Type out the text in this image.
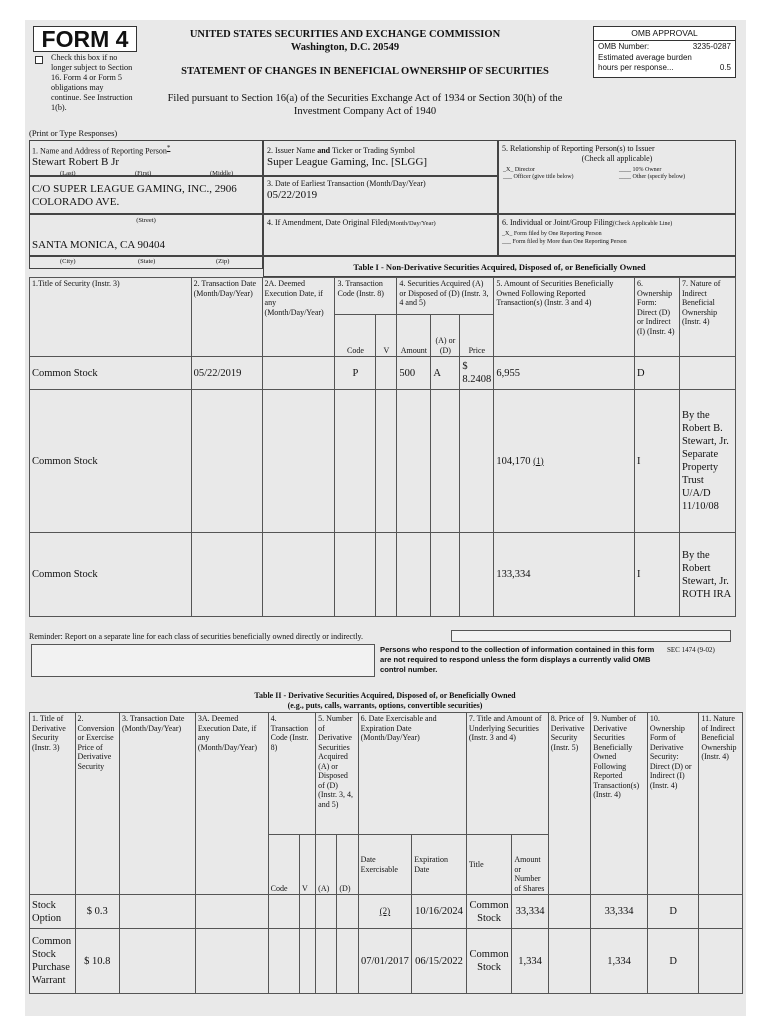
FORM 4
Check this box if no longer subject to Section 16. Form 4 or Form 5 obligations may continue. See Instruction 1(b).
UNITED STATES SECURITIES AND EXCHANGE COMMISSION
Washington, D.C. 20549
STATEMENT OF CHANGES IN BENEFICIAL OWNERSHIP OF SECURITIES
Filed pursuant to Section 16(a) of the Securities Exchange Act of 1934 or Section 30(h) of the
Investment Company Act of 1940
OMB APPROVAL
OMB Number:	3235-0287
Estimated average burden
hours per response...	0.5
(Print or Type Responses)
1. Name and Address of Reporting Person*
Stewart Robert B Jr
(Last)	(First)	(Middle)
C/O SUPER LEAGUE GAMING, INC., 2906
COLORADO AVE.
(Street)
SANTA MONICA, CA 90404
(City)	(State)	(Zip)
2. Issuer Name and Ticker or Trading Symbol
Super League Gaming, Inc. [SLGG]
3. Date of Earliest Transaction (Month/Day/Year)
05/22/2019
4. If Amendment, Date Original Filed(Month/Day/Year)
5. Relationship of Reporting Person(s) to Issuer
(Check all applicable)
_X_ Director	____ 10% Owner
___ Officer (give title below)	____ Other (specify below)
6. Individual or Joint/Group Filing(Check Applicable Line)
_X_ Form filed by One Reporting Person
___ Form filed by More than One Reporting Person
Table I - Non-Derivative Securities Acquired, Disposed of, or Beneficially Owned
1.Title of Security (Instr. 3)	2. Transaction Date (Month/Day/Year)	2A. Deemed Execution Date, if any (Month/Day/Year)	3. Transaction Code (Instr. 8)		4. Securities Acquired (A) or Disposed of (D) (Instr. 3, 4 and 5)			5. Amount of Securities Beneficially Owned Following Reported Transaction(s) (Instr. 3 and 4)	6. Ownership Form: Direct (D) or Indirect (I) (Instr. 4)	7. Nature of Indirect Beneficial Ownership (Instr. 4)
			Code	V	Amount	(A) or (D)	Price			
Common Stock	05/22/2019		P		500	A	$ 8.2408	6,955	D	
Common Stock								104,170 (1)	I	By the Robert B. Stewart, Jr. Separate Property Trust U/A/D 11/10/08
Common Stock								133,334	I	By the Robert Stewart, Jr. ROTH IRA
Reminder: Report on a separate line for each class of securities beneficially owned directly or indirectly.
Persons who respond to the collection of information contained in this form are not required to respond unless the form displays a currently valid OMB control number.
SEC 1474 (9-02)
Table II - Derivative Securities Acquired, Disposed of, or Beneficially Owned
(e.g., puts, calls, warrants, options, convertible securities)
1. Title of Derivative Security (Instr. 3)	2. Conversion or Exercise Price of Derivative Security	3. Transaction Date (Month/Day/Year)	3A. Deemed Execution Date, if any (Month/Day/Year)	4. Transaction Code (Instr. 8)		5. Number of Derivative Securities Acquired (A) or Disposed of (D) (Instr. 3, 4, and 5)		6. Date Exercisable and Expiration Date (Month/Day/Year)		7. Title and Amount of Underlying Securities (Instr. 3 and 4)		8. Price of Derivative Security (Instr. 5)	9. Number of Derivative Securities Beneficially Owned Following Reported Transaction(s) (Instr. 4)	10. Ownership Form of Derivative Security: Direct (D) or Indirect (I) (Instr. 4)	11. Nature of Indirect Beneficial Ownership (Instr. 4)
				Code	V	(A)	(D)	Date Exercisable	Expiration Date	Title	Amount or Number of Shares				
Stock Option	$ 0.3							(2)	10/16/2024	Common Stock	33,334		33,334	D	
Common Stock Purchase Warrant	$ 10.8							07/01/2017	06/15/2022	Common Stock	1,334		1,334	D	
